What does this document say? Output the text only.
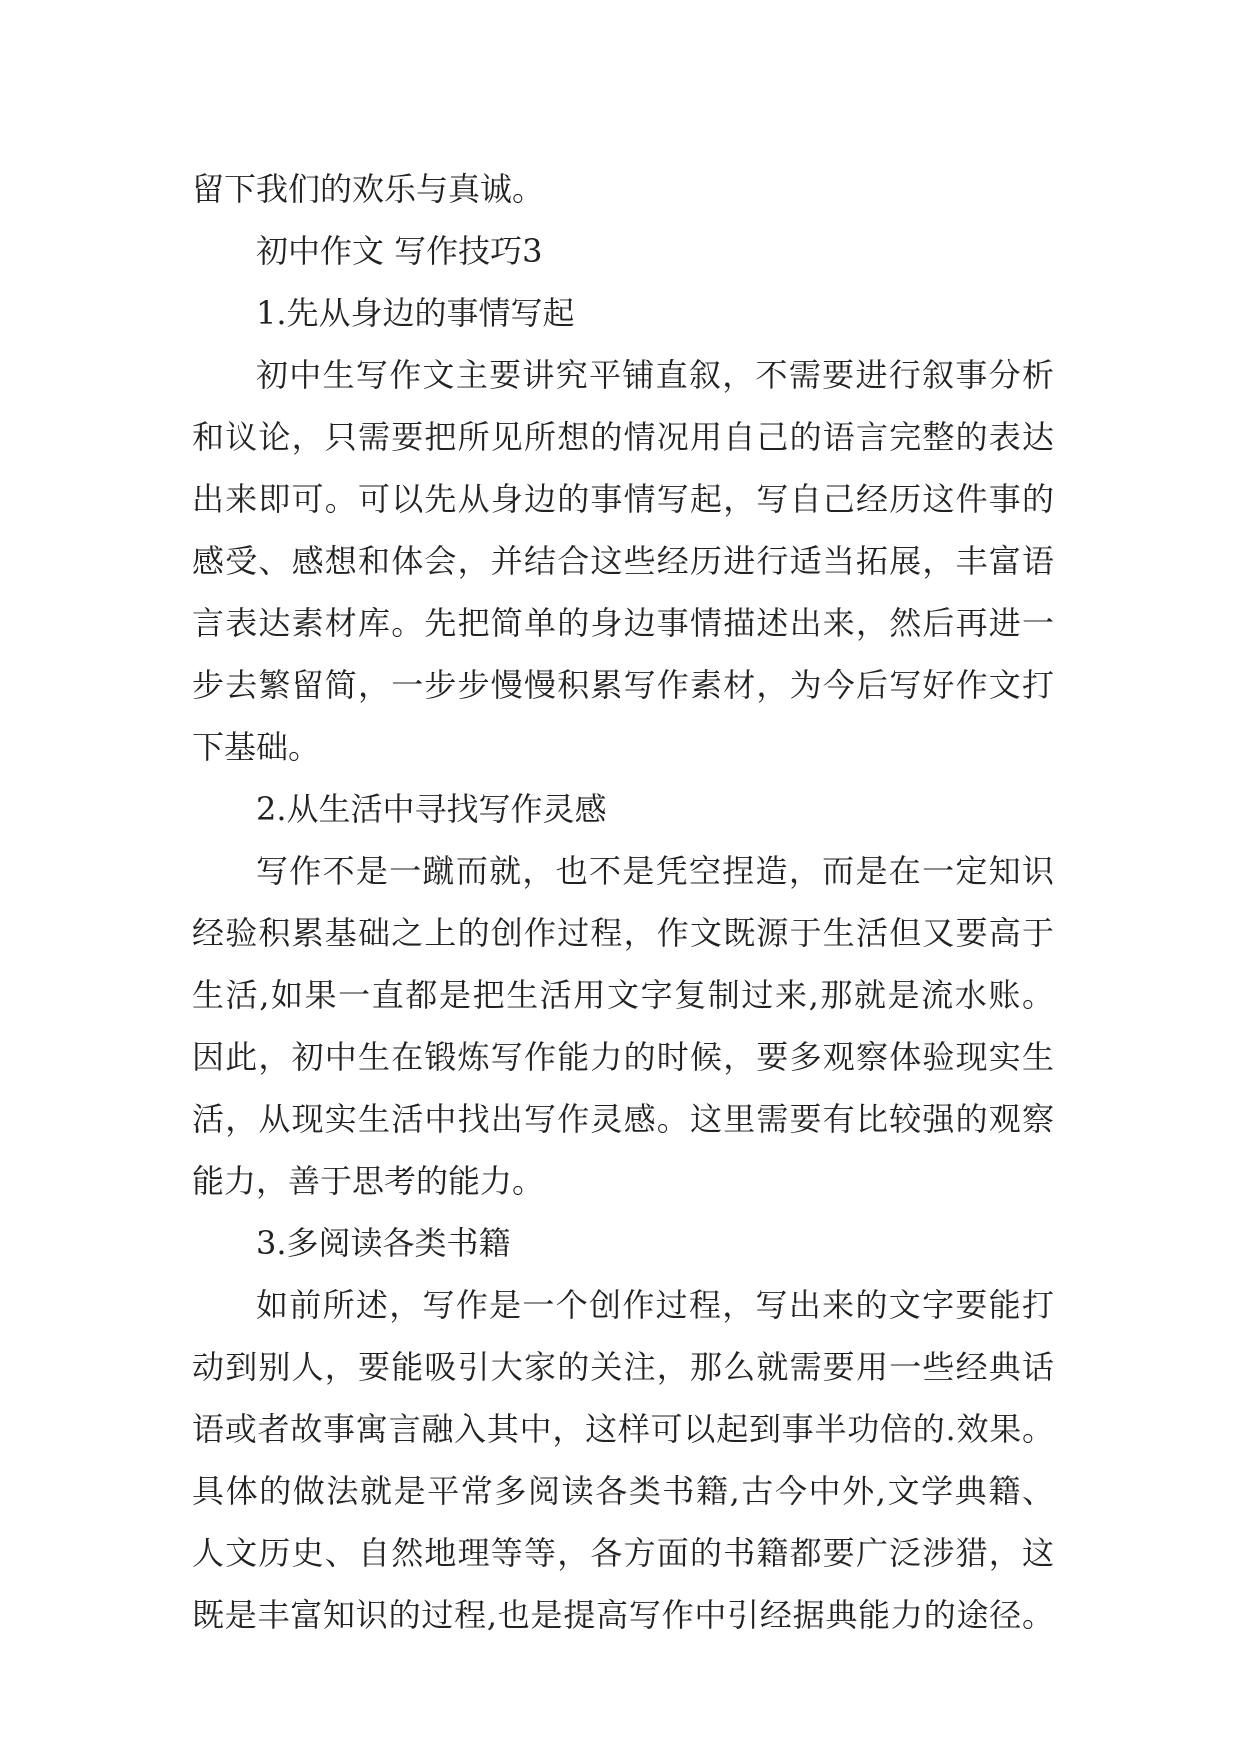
留下我们的欢乐与真诚。
初中作文 写作技巧3
1.先从身边的事情写起
初中生写作文主要讲究平铺直叙，不需要进行叙事分析
和议论，只需要把所见所想的情况用自己的语言完整的表达
出来即可。可以先从身边的事情写起，写自己经历这件事的
感受、感想和体会，并结合这些经历进行适当拓展，丰富语
言表达素材库。先把简单的身边事情描述出来，然后再进一
步去繁留简，一步步慢慢积累写作素材，为今后写好作文打
下基础。
2.从生活中寻找写作灵感
写作不是一蹴而就，也不是凭空捏造，而是在一定知识
经验积累基础之上的创作过程，作文既源于生活但又要高于
生活,如果一直都是把生活用文字复制过来,那就是流水账。
因此，初中生在锻炼写作能力的时候，要多观察体验现实生
活，从现实生活中找出写作灵感。这里需要有比较强的观察
能力，善于思考的能力。
3.多阅读各类书籍
如前所述，写作是一个创作过程，写出来的文字要能打
动到别人，要能吸引大家的关注，那么就需要用一些经典话
语或者故事寓言融入其中，这样可以起到事半功倍的.效果。
具体的做法就是平常多阅读各类书籍,古今中外,文学典籍、
人文历史、自然地理等等，各方面的书籍都要广泛涉猎，这
既是丰富知识的过程,也是提高写作中引经据典能力的途径。
